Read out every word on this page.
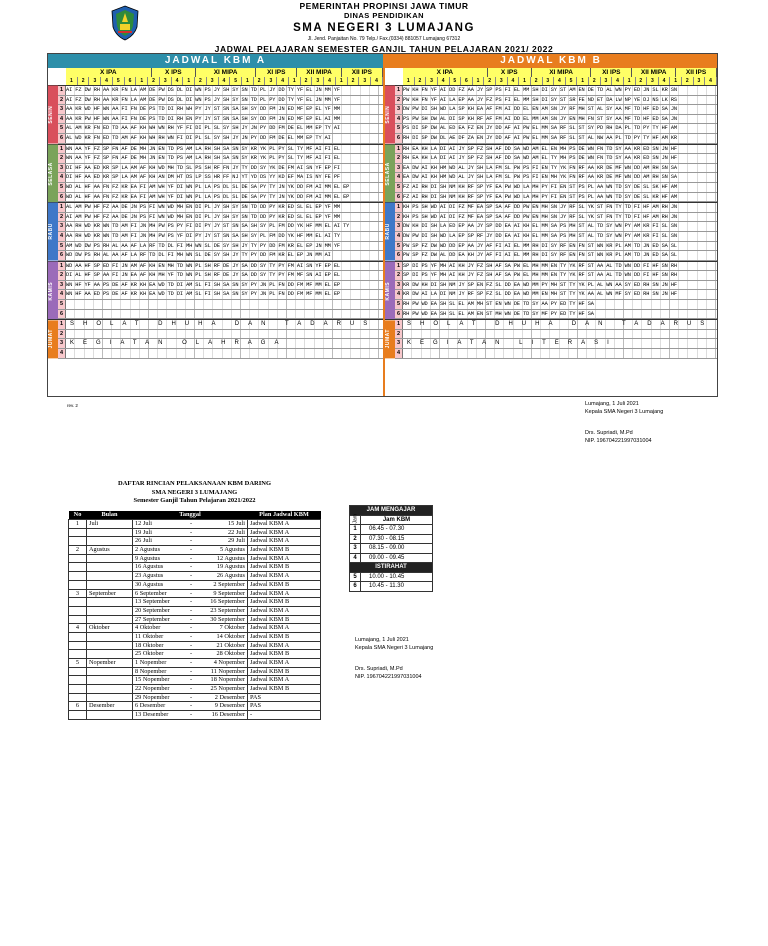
PEMERINTAH PROPINSI JAWA TIMUR
DINAS PENDIDIKAN
SMA NEGERI 3 LUMAJANG
Jl. Jend. Panjaitan No. 79 Telp./ Fax.(0334) 881057 Lumajang 67312
JADWAL PELAJARAN SEMESTER GANJIL TAHUN PELAJARAN 2021/ 2022
JADWAL KBM A
X IPA	X IPS	XI MIPA	XI IPS	XII MIPA	XII IPS
1	2	3	4	5	6	1	2	3	4	1	2	3	4	5	1	2	3	4	1	2	3	4	1	2	3	4
SENIN
1 AI FZ DW RH AA KR FN LA AM DE PW DS DL DI WN PS JY SH SY SN TD PL JY DD TY YF EL JN MM YF
2 AI FZ DW RH AA KR FN LA AM DE PW DS DL DI WN PS JY SH SY SN TD PL PY DD TY YF EL JN MM YF
3 AA KR WD HF WN AA FI FN DE PS TD DI RH WH PY JY ST SN SA SH SY DD FM JN ED MF EP EL YF MM
4 AA KR PW HF WN AA FI FN DE PS TD DI RH EN PY JY ST SN SA SH SY DD FM JN ED MF EP EL AI MM
5 AL AM KR FN ED TD AA AF KH WH WN RH YF FI DI PL SL SY SH JY JN PY DD FM DE EL MM EP TY AI
6 AL WD KR FN ED TD AM AF KH WH RH WN FI DI PL SL SY SH JY JN PY DD FM DE EL MM EP TY AI
SELASA
1 WN AA YF FZ SP FN AF DE MH JN EN TD PS AM LA RH SH SA SN SY KR YK PL PY SL TY MF AI FI EL
2 WN AA YF FZ SP FN AF DE MH JN EN TD PS AM LA RH SH SA SN SY KR YK PL PY SL TY MF AI FI EL
3 DI HF AA ED KR SP LA AM AF KH WD MH TD SL PS SH RF FN JY TY DD SY YK DE FM AI SN YF EP FI
4 DI HF AA ED KR SP LA AM AF KH AN DM HT DS LP SS HR FF NJ YT YD DS YY KD EF MA IS NY FE PF
5 WD AL HF AA FN FZ KR EA FI AM WH YF DI WN PL LA PS DL SL DE SA PY TY JN YK DD FM AI MM EL EP
6 WD AL HF AA FN FZ KR EA FI AM WH YF DI WN PL LA PS DL SL DE SA PY TY JN YK DD FM AI MM EL EP
RABU
1 AL AM PW HF FZ AA DE JN PS FI WN WD MH EN DI PL JY SH SY SN TD DD PY KR ED SL EL EP YF MM
2 AI AM PW HF FZ AA DE JN PS FI WN WD MH EN DI PL JY SH SY SN TD DD PY KR ED SL EL EP YF MM
3 AA RH WD KR WN TD AM FI JN MH PW PS PY FI DI PY JY ST SN SA SH SY PL FM DD YK HF MM EL AI TY
4 AA RH WD KR WN TD AM FI JN MH PW PS YF DI PY JY ST SN SA SH SY PL FM DD YK HF MM EL AI TY
5 AM WD DW PS RH AL AA AF LA RF TD DL FI MH WN SL DE SY SH JY TY PY DD FM KR EL EP JN MM YF
6 WD DW PS RH AL AA AF LA RF TD DL FI MH WN SL DE SY SH JY TY PY DD FM KR EL EP JN MM AI
KAMIS
1 WD AA HF SP ED FI JN AM AF KH EN MH TD WN PL SH RF DE JY SA DD SY TY PY FM AI SN YF EP EL
2 DI AL HF SP AA FI JN EA AF KH MH YF TD WN PL SH RF DE JY SA DD SY TY PY FM MF SN AI EP EL
3 WN HF YF AA PS DE AF KR KH EA WD TD DI AM SL FI SH SA SN SY PY JN PL FN DD FM MF MM EL EP
4 WN HF AA ED PS DE AF KR KH EA WD TD DI AM SL FI SH SA SN SY PY JN PL FN DD FM MF MM EL EP
5
6
JUMAT
1	SHOLAT DHUHA DAN TADARUS
2
3	KEGIATAN OLAHRAGA
4
JADWAL KBM B
X IPA	X IPS	XI MIPA	XI IPS	XII MIPA	XII IPS
1	2	3	4	5	6	1	2	3	4	1	2	3	4	5	1	2	3	4	1	2	3	4	1	2	3	4
SENIN
1 PW KH FN YF AI DD FZ AA JY SP PS FI EL MM SH DI SY ST AM EN DE TD AL WN PY ED JN SL KR SN
2 PW KH FN YF AI LA EP AA JY FZ PS FI EL MM SH DI SY ST SR FE ND ET DA LW NP YE DJ NS LK RS
3 DW PW DI SH WD LA SP KH EA AF FM AI DD EL EN AM SN JY RF MH ST AL SY AA MF TD HF ED SA JN
4 PS PW SH DW AL DI SP KH RF AF FM AI DD EL MM AM SN JY EN MH FN ST SY AA MF TD HF ED SA JN
5 PS DI SP DW AL ED EA FZ EN JY DD AF AI PW EL MM SA RF SL ST SY PD RH DA PL TD PY TY HF AM
6 RH DI SP DW DL AE DF ZA EN JY DD AF AI PW EL MM SA RF SL ST AL NW AA PL TD PY TY HF AM KR
SELASA
1 RH EA KH LA DI AI JY SP FZ SH AF DD SA WD AM EL EN MH PS DE WN FN TD SY AA KR ED SN JN HF
2 RH EA KH LA DI AI JY SP FZ SH AF DD SA WD AM EL TY MH PS DE WN FN TD SY AA KR ED SN JN HF
3 EA DW AI KH HM WD AL JY SH LA FM SL PW PS FI EN TY YK FN RF AA KR DE MF WN DD AM RH SN SA
4 EA DW AI KH HM WD AL JY SH LA FM SL PW PS FI EN MH YK FN RF AA KR DE MF WN DD AM RH SN SA
5 FZ AI RH DI SH NM KH RF SP YF EA PW WD LA MH PY FI EN ST PS PL AA WN TD SY DE SL SK HF AM
6 FZ AI RH DI SH NM KH RF SP YF EA PW WD LA MH PY FI EN ST PS PL AA WN TD SY DE SL KR HF AM
RABU
1 KH PS SH WD AI DI FZ MF EA SP SA AF DD PW EN MH SN JY RF SL YK ST FN TY TD FI HF AM RH JN
2 KH PS SH WD AI DI FZ MF EA SP SA AF DD PW EN MH SN JY RF SL YK ST FN TY TD FI HF AM RH JN
3 DW KH DI SH LA ED EP AA JY SP DD EA AI KH EL MM SA PS MH ST AL TD SY WN PY AM KR FI SL SN
4 DW PW DI SH WD LA EP SP RF JY DD EA AI KH EL MM SA PS MH ST AL TD SY WN PY AM KR FI SL SN
5 PW SP FZ DW WD DD EP AA JY AF FI AI EL MM RH DI SY RF EN FN ST WN KR PL AM TD JN ED SA SL
6 PW SP FZ DW AL DD EA KH JY AF FI AI EL MM RH DI SY RF EN FN ST WN KR PL AM TD JN ED SA SL
KAMIS
1 SP DI PS YF MH AI KH JY FZ SH AF SA PW EL MH MM EN TY YK RF ST AA AL TD WN DD FI HF SN RH
2 SP DI PS YF MH AI KH JY FZ SH AF SA PW EL MH MM EN TY YK RF ST AA AL TD WN DD FI HF SN RH
3 KR DW KH DI SH NM JY SP EN FZ SL DD EA WD MM PY MH ST TY YK PL AL WN AA SY ED RH SN JN HF
4 KR DW AI LA DI NM JY RF SP FZ SL DD EA WD MM EN MH ST TY YK AA AL WN MF SY ED RH SN JN HF
5 RH PW WD EA SH SL EL AM MH ST EN WN DE TD SY AA PY ED TY HF SA
6 RH PW WD EA SH SL EL AM EN ST MH WN DE TD SY MF PY ED TY HF SA
JUMAT
1	SHOLAT DHUHA DAN TADARUS
2
3	KEGIATAN LITERASI
4
rev. 2	Lumajang, 1 Juli 2021
Kepala SMA Negeri 3 Lumajang
Drs. Supriadi, M.Pd
NIP. 196704221997031004
DAFTAR RINCIAN PELAKSANAAN KBM DARING
SMA NEGERI 3 LUMAJANG
Semester Ganjil Tahun Pelajaran 2021/2022
No	Bulan	Tanggal	Plan Jadwal KBM
1	Juli	12 Juli - 15 Juli	Jadwal KBM A
		19 Juli - 22 Juli	Jadwal KBM A
		26 Juli - 29 Juli	Jadwal KBM A
2	Agustus	2 Agustus - 5 Agustus	Jadwal KBM B
		9 Agustus - 12 Agustus	Jadwal KBM A
		16 Agustus - 19 Agustus	Jadwal KBM B
		23 Agustus - 26 Agustus	Jadwal KBM A
		30 Agustus - 2 September	Jadwal KBM B
3	September	6 September - 9 September	Jadwal KBM A
		13 September - 16 September	Jadwal KBM B
		20 September - 23 September	Jadwal KBM A
		27 September - 30 September	Jadwal KBM B
4	Oktober	4 Oktober - 7 Oktober	Jadwal KBM A
		11 Oktober - 14 Oktober	Jadwal KBM B
		18 Oktober - 21 Oktober	Jadwal KBM A
		25 Oktober - 28 Oktober	Jadwal KBM B
5	Nopember	1 Nopember - 4 Nopember	Jadwal KBM A
		8 Nopember - 11 Nopember	Jadwal KBM B
		15 Nopember - 18 Nopember	Jadwal KBM A
		22 Nopember - 25 Nopember	Jadwal KBM B
		29 Nopember - 2 Desember	PAS
6	Desember	6 Desember - 9 Desember	PAS
		13 Desember - 16 Desember	-
JAM MENGAJAR	
Jam	Jam KBM
1	06.45 - 07.30
2	07.30 - 08.15
3	08.15 - 09.00
4	09.00 - 09.45
ISTIRAHAT	
5	10.00 - 10.45
6	10.45 - 11.30
Lumajang, 1 Juli 2021
Kepala SMA Negeri 3 Lumajang
Drs. Supriadi, M.Pd
NIP. 196704221997031004
